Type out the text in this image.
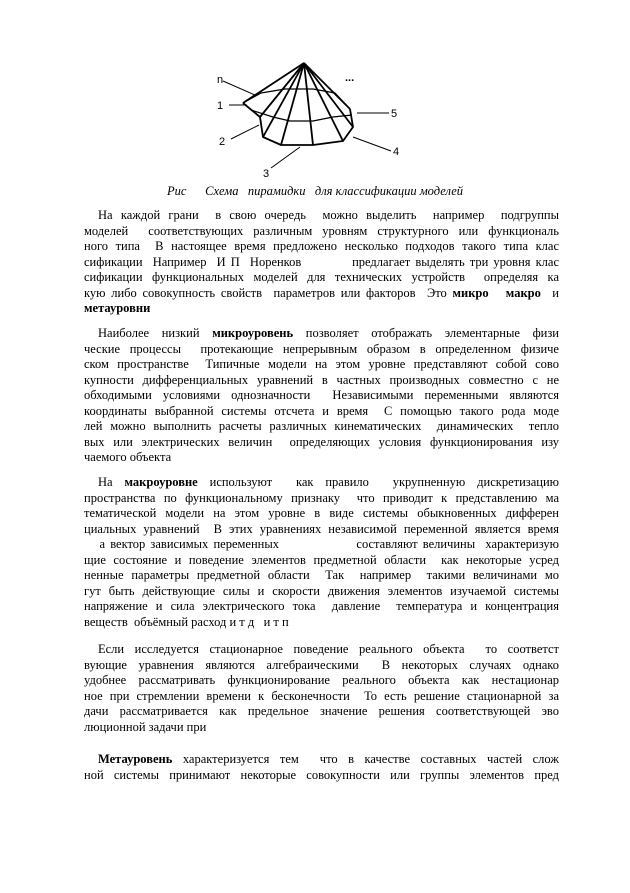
n
1
2
3
4
5
...
Рис      Схема   пирамидки   для классификации моделей
На каждой грани  в свою очередь  можно выделить  например  подгруппы
моделей  соответствующих различным уровням структурного или функциональ
ного типа  В настоящее время предложено несколько подходов такого типа клас
сификации  Например  И П  Норенков          предлагает выделять три уровня клас
сификации функциональных моделей для технических устройств  определяя ка
кую либо совокупность свойств  параметров или факторов  Это микро   макро  и
метауровни
Наиболее низкий микроуровень позволяет отображать элементарные физи
ческие процессы  протекающие непрерывным образом в определенном физиче
ском пространстве  Типичные модели на этом уровне представляют собой сово
купности дифференциальных уравнений в частных производных совместно с не
обходимыми условиями однозначности  Независимыми переменными являются
координаты выбранной системы отсчета и время  С помощью такого рода моде
лей можно выполнить расчеты различных кинематических  динамических  тепло
вых или электрических величин  определяющих условия функционирования изу
чаемого объекта
На макроуровне используют  как правило  укрупненную дискретизацию
пространства по функциональному признаку  что приводит к представлению ма
тематической модели на этом уровне в виде системы обыкновенных дифферен
циальных уравнений  В этих уравнениях независимой переменной является время
а вектор зависимых переменных               составляют величины  характеризую
щие состояние и поведение элементов предметной области  как некоторые усред
ненные параметры предметной области  Так  например  такими величинами мо
гут быть действующие силы и скорости движения элементов изучаемой системы
напряжение и сила электрического тока  давление  температура и концентрация
веществ  объёмный расход и т д   и т п
Если исследуется стационарное поведение реального объекта  то соответст
вующие уравнения являются алгебраическими  В некоторых случаях однако
удобнее рассматривать функционирование реального объекта как нестационар
ное при стремлении времени к бесконечности  То есть решение стационарной за
дачи рассматривается как предельное значение решения соответствующей эво
люционной задачи при
Метауровень характеризуется тем  что в качестве составных частей слож
ной системы принимают некоторые совокупности или группы элементов пред
